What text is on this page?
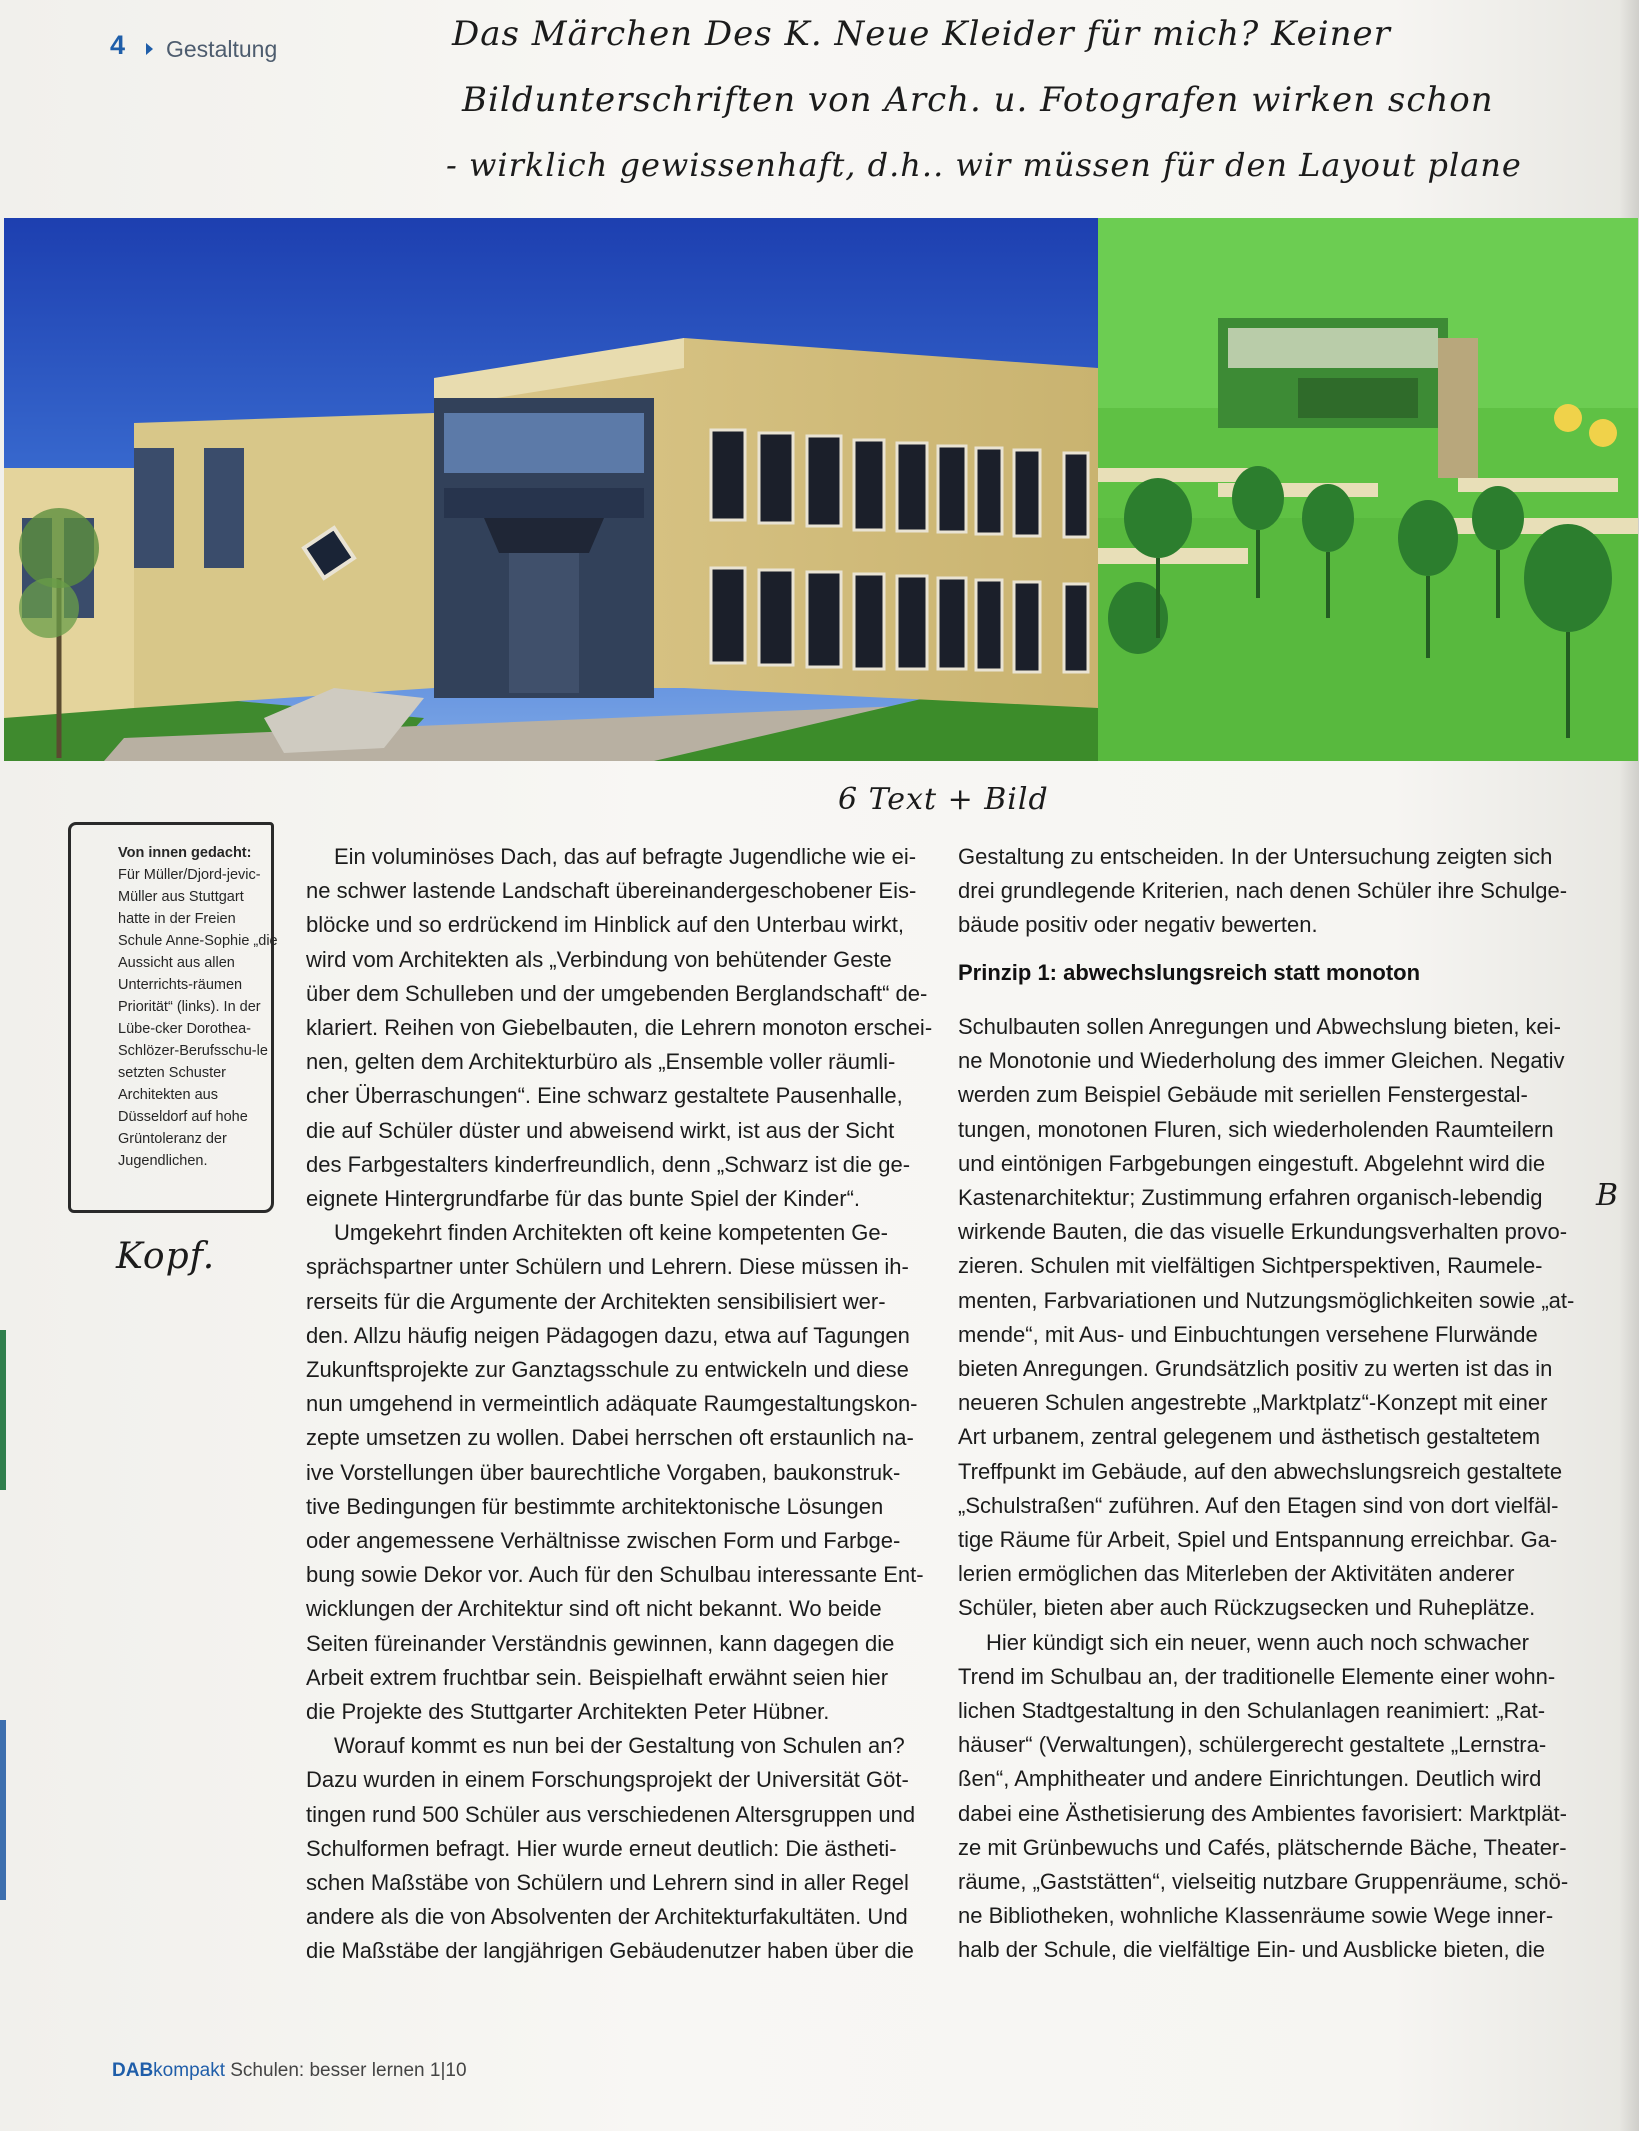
4 Gestaltung	Das Märchen Des K. Neue Kleider für mich? Keiner
Bildunterschriften von Arch. u. Fotografen wirken schon
- wirklich gewissenhaft, d.h.. wir müssen für den Layout plane
6 Text + Bild
Kopf.
B
Von innen gedacht:
Für Müller/Djord-jevic-Müller aus Stuttgart hatte in der Freien Schule Anne-Sophie „die Aussicht aus allen Unterrichts-räumen Priorität“ (links). In der Lübe-cker Dorothea-Schlözer-Berufsschu-le setzten Schuster Architekten aus Düsseldorf auf hohe Grüntoleranz der Jugendlichen.
Ein voluminöses Dach, das auf befragte Jugendliche wie ei-
ne schwer lastende Landschaft übereinandergeschobener Eis-
blöcke und so erdrückend im Hinblick auf den Unterbau wirkt,
wird vom Architekten als „Verbindung von behütender Geste
über dem Schulleben und der umgebenden Berglandschaft“ de-
klariert. Reihen von Giebelbauten, die Lehrern monoton erschei-
nen, gelten dem Architekturbüro als „Ensemble voller räumli-
cher Überraschungen“. Eine schwarz gestaltete Pausenhalle,
die auf Schüler düster und abweisend wirkt, ist aus der Sicht
des Farbgestalters kinderfreundlich, denn „Schwarz ist die ge-
eignete Hintergrundfarbe für das bunte Spiel der Kinder“.
Umgekehrt finden Architekten oft keine kompetenten Ge-
sprächspartner unter Schülern und Lehrern. Diese müssen ih-
rerseits für die Argumente der Architekten sensibilisiert wer-
den. Allzu häufig neigen Pädagogen dazu, etwa auf Tagungen
Zukunftsprojekte zur Ganztagsschule zu entwickeln und diese
nun umgehend in vermeintlich adäquate Raumgestaltungskon-
zepte umsetzen zu wollen. Dabei herrschen oft erstaunlich na-
ive Vorstellungen über baurechtliche Vorgaben, baukonstruk-
tive Bedingungen für bestimmte architektonische Lösungen
oder angemessene Verhältnisse zwischen Form und Farbge-
bung sowie Dekor vor. Auch für den Schulbau interessante Ent-
wicklungen der Architektur sind oft nicht bekannt. Wo beide
Seiten füreinander Verständnis gewinnen, kann dagegen die
Arbeit extrem fruchtbar sein. Beispielhaft erwähnt seien hier
die Projekte des Stuttgarter Architekten Peter Hübner.
Worauf kommt es nun bei der Gestaltung von Schulen an?
Dazu wurden in einem Forschungsprojekt der Universität Göt-
tingen rund 500 Schüler aus verschiedenen Altersgruppen und
Schulformen befragt. Hier wurde erneut deutlich: Die ästheti-
schen Maßstäbe von Schülern und Lehrern sind in aller Regel
andere als die von Absolventen der Architekturfakultäten. Und
die Maßstäbe der langjährigen Gebäudenutzer haben über die
Gestaltung zu entscheiden. In der Untersuchung zeigten sich
drei grundlegende Kriterien, nach denen Schüler ihre Schulge-
bäude positiv oder negativ bewerten.
Prinzip 1: abwechslungsreich statt monoton
Schulbauten sollen Anregungen und Abwechslung bieten, kei-
ne Monotonie und Wiederholung des immer Gleichen. Negativ
werden zum Beispiel Gebäude mit seriellen Fenstergestal-
tungen, monotonen Fluren, sich wiederholenden Raumteilern
und eintönigen Farbgebungen eingestuft. Abgelehnt wird die
Kastenarchitektur; Zustimmung erfahren organisch-lebendig
wirkende Bauten, die das visuelle Erkundungsverhalten provo-
zieren. Schulen mit vielfältigen Sichtperspektiven, Raumele-
menten, Farbvariationen und Nutzungsmöglichkeiten sowie „at-
mende“, mit Aus- und Einbuchtungen versehene Flurwände
bieten Anregungen. Grundsätzlich positiv zu werten ist das in
neueren Schulen angestrebte „Marktplatz“-Konzept mit einer
Art urbanem, zentral gelegenem und ästhetisch gestaltetem
Treffpunkt im Gebäude, auf den abwechslungsreich gestaltete
„Schulstraßen“ zuführen. Auf den Etagen sind von dort vielfäl-
tige Räume für Arbeit, Spiel und Entspannung erreichbar. Ga-
lerien ermöglichen das Miterleben der Aktivitäten anderer
Schüler, bieten aber auch Rückzugsecken und Ruheplätze.
Hier kündigt sich ein neuer, wenn auch noch schwacher
Trend im Schulbau an, der traditionelle Elemente einer wohn-
lichen Stadtgestaltung in den Schulanlagen reanimiert: „Rat-
häuser“ (Verwaltungen), schülergerecht gestaltete „Lernstra-
ßen“, Amphitheater und andere Einrichtungen. Deutlich wird
dabei eine Ästhetisierung des Ambientes favorisiert: Marktplät-
ze mit Grünbewuchs und Cafés, plätschernde Bäche, Theater-
räume, „Gaststätten“, vielseitig nutzbare Gruppenräume, schö-
ne Bibliotheken, wohnliche Klassenräume sowie Wege inner-
halb der Schule, die vielfältige Ein- und Ausblicke bieten, die
DABkompakt Schulen: besser lernen 1|10
